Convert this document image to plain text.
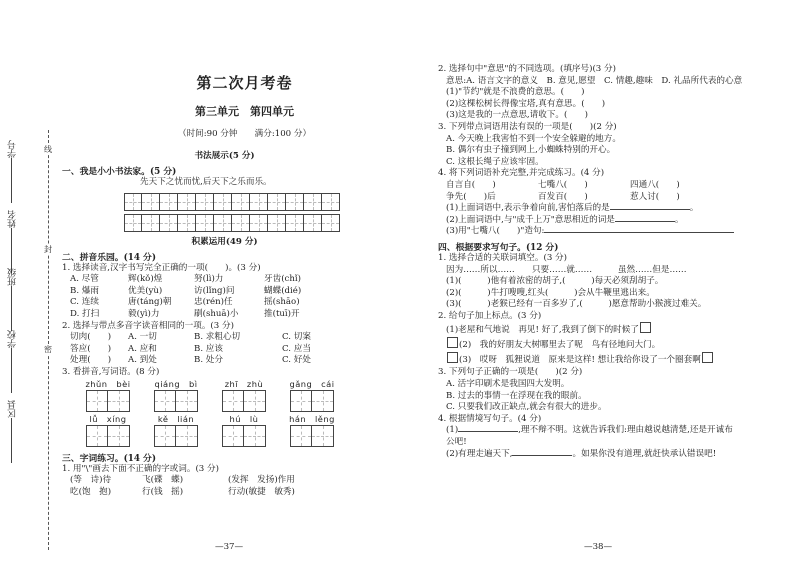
线
封
密
学号
姓名
班级
学校
区县
第二次月考卷
第三单元　第四单元
（时间:90 分钟　　满分:100 分）
书法展示(5 分)
一、我是小小书法家。(5 分)
先天下之忧而忧,后天下之乐而乐。
积累运用(49 分)
二、拼音乐园。(14 分)
1. 选择读音,汉字书写完全正确的一项(　　)。(3 分)
A. 尽管	辉(kǒ)煌	努(lì)力	牙齿(chǐ)
B. 爆雨	优美(yù)	访(lǐng)问	蝴蝶(dié)
C. 连续	唐(táng)朝	忠(rén)任	摇(shāo)
D. 打扫	毅(yì)力	刷(shuā)小	推(tuī)开
2. 选择与带点多音字读音相同的一项。(3 分)
切肉(　　) A. 一切	B. 求粗心切	C. 切案
答应(　　) A. 应和	B. 应该	C. 应当
处理(　　) A. 到处	B. 处分	C. 好处
3. 看拼音,写词语。(8 分)
zhǔn　bèi	qiáng　bì	zhī　zhù	gǎng　cái
lǚ　xíng	kě　lián	hú　lù	hán　lěng
三、字词练习。(14 分)
1. 用"\"画去下面不正确的字或词。(3 分)
(等　诗)待	飞(碟　蝶)	(发挥　发扬)作用
吃(饱　抱)	行(钱　摇)	行动(敏捷　敏秀)
—37—
2. 选择句中"意思"的不同选项。(填序号)(3 分)
意思:A. 语言文字的意义　B. 意见,愿望　C. 情趣,趣味　D. 礼品所代表的心意
(1)"节约"就是不浪费的意思。(　　)
(2)这棵松树长得像宝塔,真有意思。(　　)
(3)这是我的一点意思,请收下。(　　)
3. 下列带点词语用法有误的一项是(　　)(2 分)
A. 今天晚上我害怕不到一个安全躲避的地方。
B. 偶尔有虫子撞到网上,小蜘蛛特别的开心。
C. 这根长绳子应该牢固。
4. 将下列词语补充完整,并完成练习。(4 分)
自言自(　　)	七嘴八(　　)	四通八(　　)
争先(　　)后	百发百(　　)	惹人讨(　　)
(1)上面词语中,表示争着向前,害怕落后的是	。
(2)上面词语中,与"成千上万"意思相近的词是	。
(3)用"七嘴八(　　)"造句:
四、根据要求写句子。(12 分)
1. 选择合适的关联词填空。(3 分)
因为……所以……　　只要……就……　　　虽然……但是……
(1)(　　　)他有着浓密的胡子,(　　　)每天必须刮胡子。
(2)(　　　)牛打嗖嗖,红头(　　　)会从牛鞭里逃出来。
(3)(　　　)老猴已经有一百多岁了,(　　　)愿意帮助小猴渡过难关。
2. 给句子加上标点。(3 分)
(1)老屋和气地说　再见! 好了,我到了倒下的时候了
(2)　我的好朋友大树哪里去了呢　鸟有径地问大门。
(3)　哎呀　狐狸说道　原来是这样! 想让我给你设了一个圈套啊
3. 下列句子正确的一项是(　　)(2 分)
A. 活字印刷术是我国四大发明。
B. 过去的事情一在浮现在我的眼前。
C. 只要我们改正缺点,就会有很大的进步。
4. 根据情境写句子。(4 分)
(1)	,理不辩不明。这就告诉我们:理由越说越清楚,还是开诚布
公吧!
(2)有理走遍天下,	。如果你没有道理,就赶快承认错误吧!
—38—
